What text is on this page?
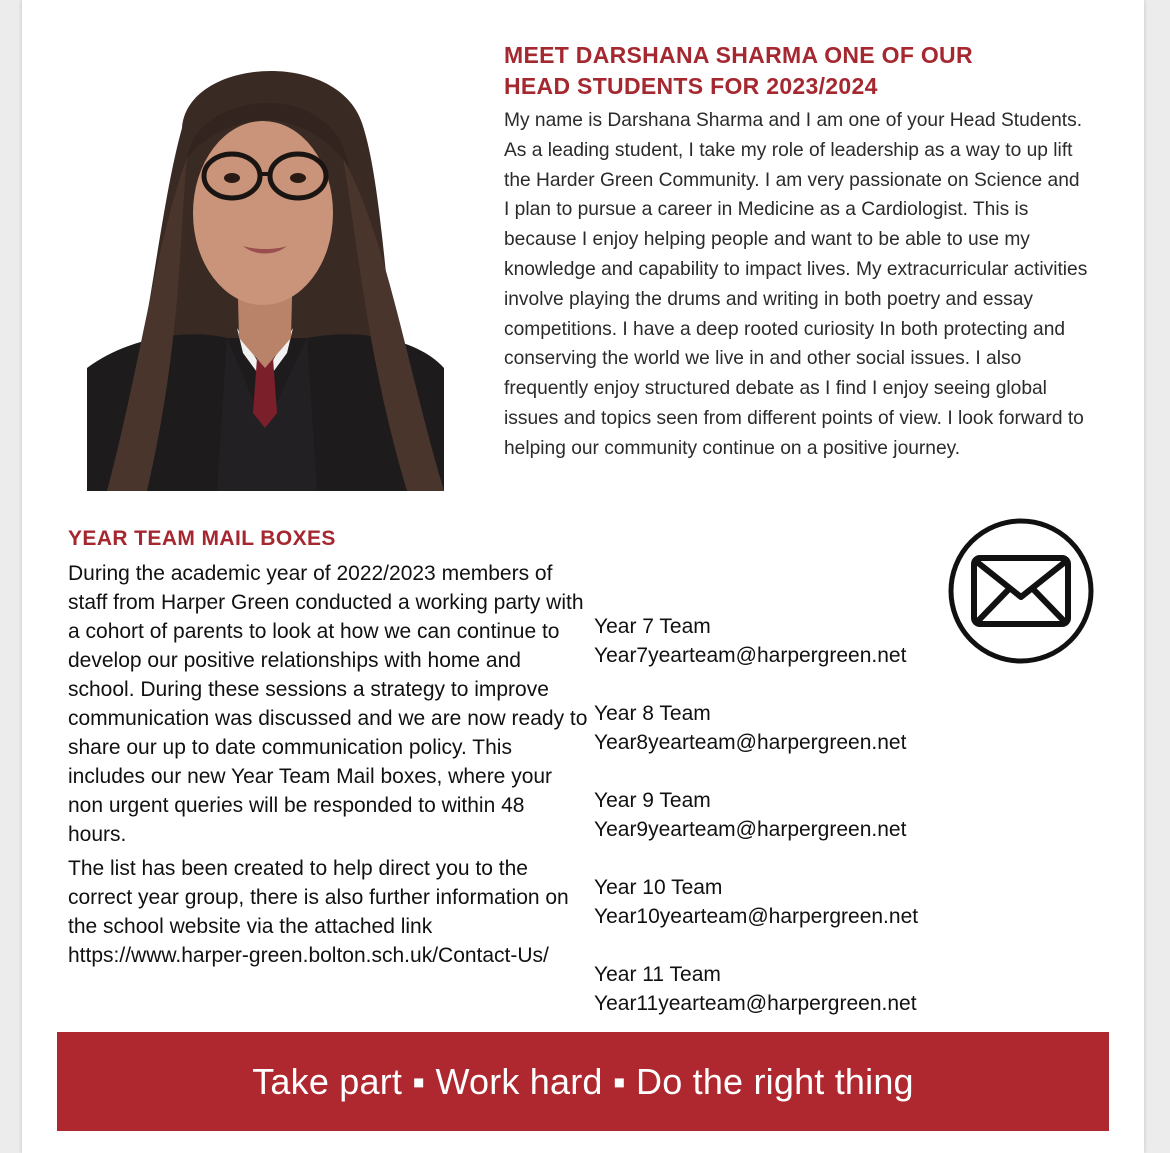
MEET DARSHANA SHARMA ONE OF OUR
HEAD STUDENTS FOR 2023/2024
My name is Darshana Sharma and I am one of your Head Students. As a leading student, I take my role of leadership as a way to up lift the Harder Green Community. I am very passionate on Science and I plan to pursue a career in Medicine as a Cardiologist. This is because I enjoy helping people and want to be able to use my knowledge and capability to impact lives. My extracurricular activities involve playing the drums and writing in both poetry and essay competitions. I have a deep rooted curiosity In both protecting and conserving the world we live in and other social issues. I also frequently enjoy structured debate as I find I enjoy seeing global issues and topics seen from different points of view. I look forward to helping our community continue on a positive journey.
YEAR TEAM MAIL BOXES

During the academic year of 2022/2023 members of staff from Harper Green conducted a working party with a cohort of parents to look at how we can continue to develop our positive relationships with home and school. During these sessions a strategy to improve communication was discussed and we are now ready to share our up to date communication policy. This includes our new Year Team Mail boxes, where your non urgent queries will be responded to within 48 hours.

The list has been created to help direct you to the correct year group, there is also further information on the school website via the attached link https://www.harper-green.bolton.sch.uk/Contact-Us/

Year 7 Team
Year7yearteam@harpergreen.net
Year 8 Team
Year8yearteam@harpergreen.net
Year 9 Team
Year9yearteam@harpergreen.net
Year 10 Team
Year10yearteam@harpergreen.net
Year 11 Team
Year11yearteam@harpergreen.net
Take part ▪ Work hard ▪ Do the right thing
